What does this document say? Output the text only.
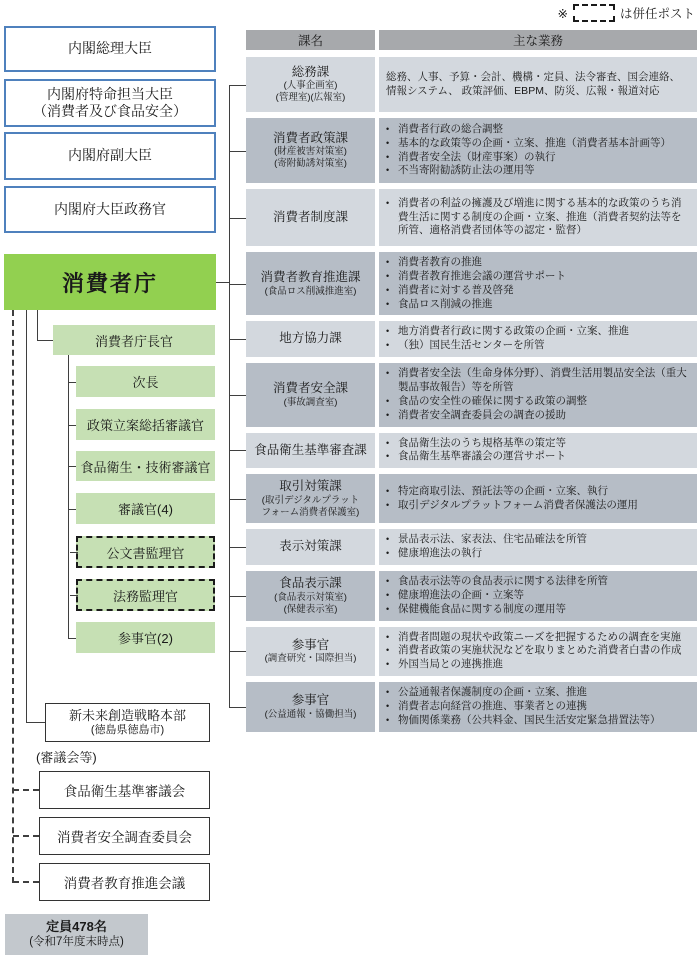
※	は併任ポスト
内閣総理大臣
内閣府特命担当大臣
（消費者及び食品安全）
内閣府副大臣
内閣府大臣政務官
消費者庁
消費者庁長官
次長
政策立案総括審議官
食品衛生・技術審議官
審議官(4)
公文書監理官
法務監理官
参事官(2)
新未来創造戦略本部
(徳島県徳島市)
(審議会等)
食品衛生基準審議会
消費者安全調査委員会
消費者教育推進会議
定員478名
(令和7年度末時点)
課名	主な業務
総務課
(人事企画室)
(管理室)(広報室)
総務、人事、予算・会計、機構・定員、法令審査、国会連絡、情報システム、 政策評価、EBPM、防災、広報・報道対応
消費者政策課
(財産被害対策室)
(寄附勧誘対策室)
• 消費者行政の総合調整
• 基本的な政策等の企画・立案、推進（消費者基本計画等）
• 消費者安全法（財産事案）の執行
• 不当寄附勧誘防止法の運用等
消費者制度課
• 消費者の利益の擁護及び増進に関する基本的な政策のうち消費生活に関する制度の企画・立案、推進（消費者契約法等を所管、適格消費者団体等の認定・監督）
消費者教育推進課
(食品ロス削減推進室)
• 消費者教育の推進
• 消費者教育推進会議の運営サポート
• 消費者に対する普及啓発
• 食品ロス削減の推進
地方協力課
• 地方消費者行政に関する政策の企画・立案、推進
• （独）国民生活センターを所管
消費者安全課
(事故調査室)
• 消費者安全法（生命身体分野）、消費生活用製品安全法（重大製品事故報告）等を所管
• 食品の安全性の確保に関する政策の調整
• 消費者安全調査委員会の調査の援助
食品衛生基準審査課
• 食品衛生法のうち規格基準の策定等
• 食品衛生基準審議会の運営サポート
取引対策課
(取引デジタルプラット
フォーム消費者保護室)
• 特定商取引法、預託法等の企画・立案、執行
• 取引デジタルプラットフォーム消費者保護法の運用
表示対策課
• 景品表示法、家表法、住宅品確法を所管
• 健康増進法の執行
食品表示課
(食品表示対策室)
(保健表示室)
• 食品表示法等の食品表示に関する法律を所管
• 健康増進法の企画・立案等
• 保健機能食品に関する制度の運用等
参事官
(調査研究・国際担当)
• 消費者問題の現状や政策ニーズを把握するための調査を実施
• 消費者政策の実施状況などを取りまとめた消費者白書の作成
• 外国当局との連携推進
参事官
(公益通報・協働担当)
• 公益通報者保護制度の企画・立案、推進
• 消費者志向経営の推進、事業者との連携
• 物価関係業務（公共料金、国民生活安定緊急措置法等）
